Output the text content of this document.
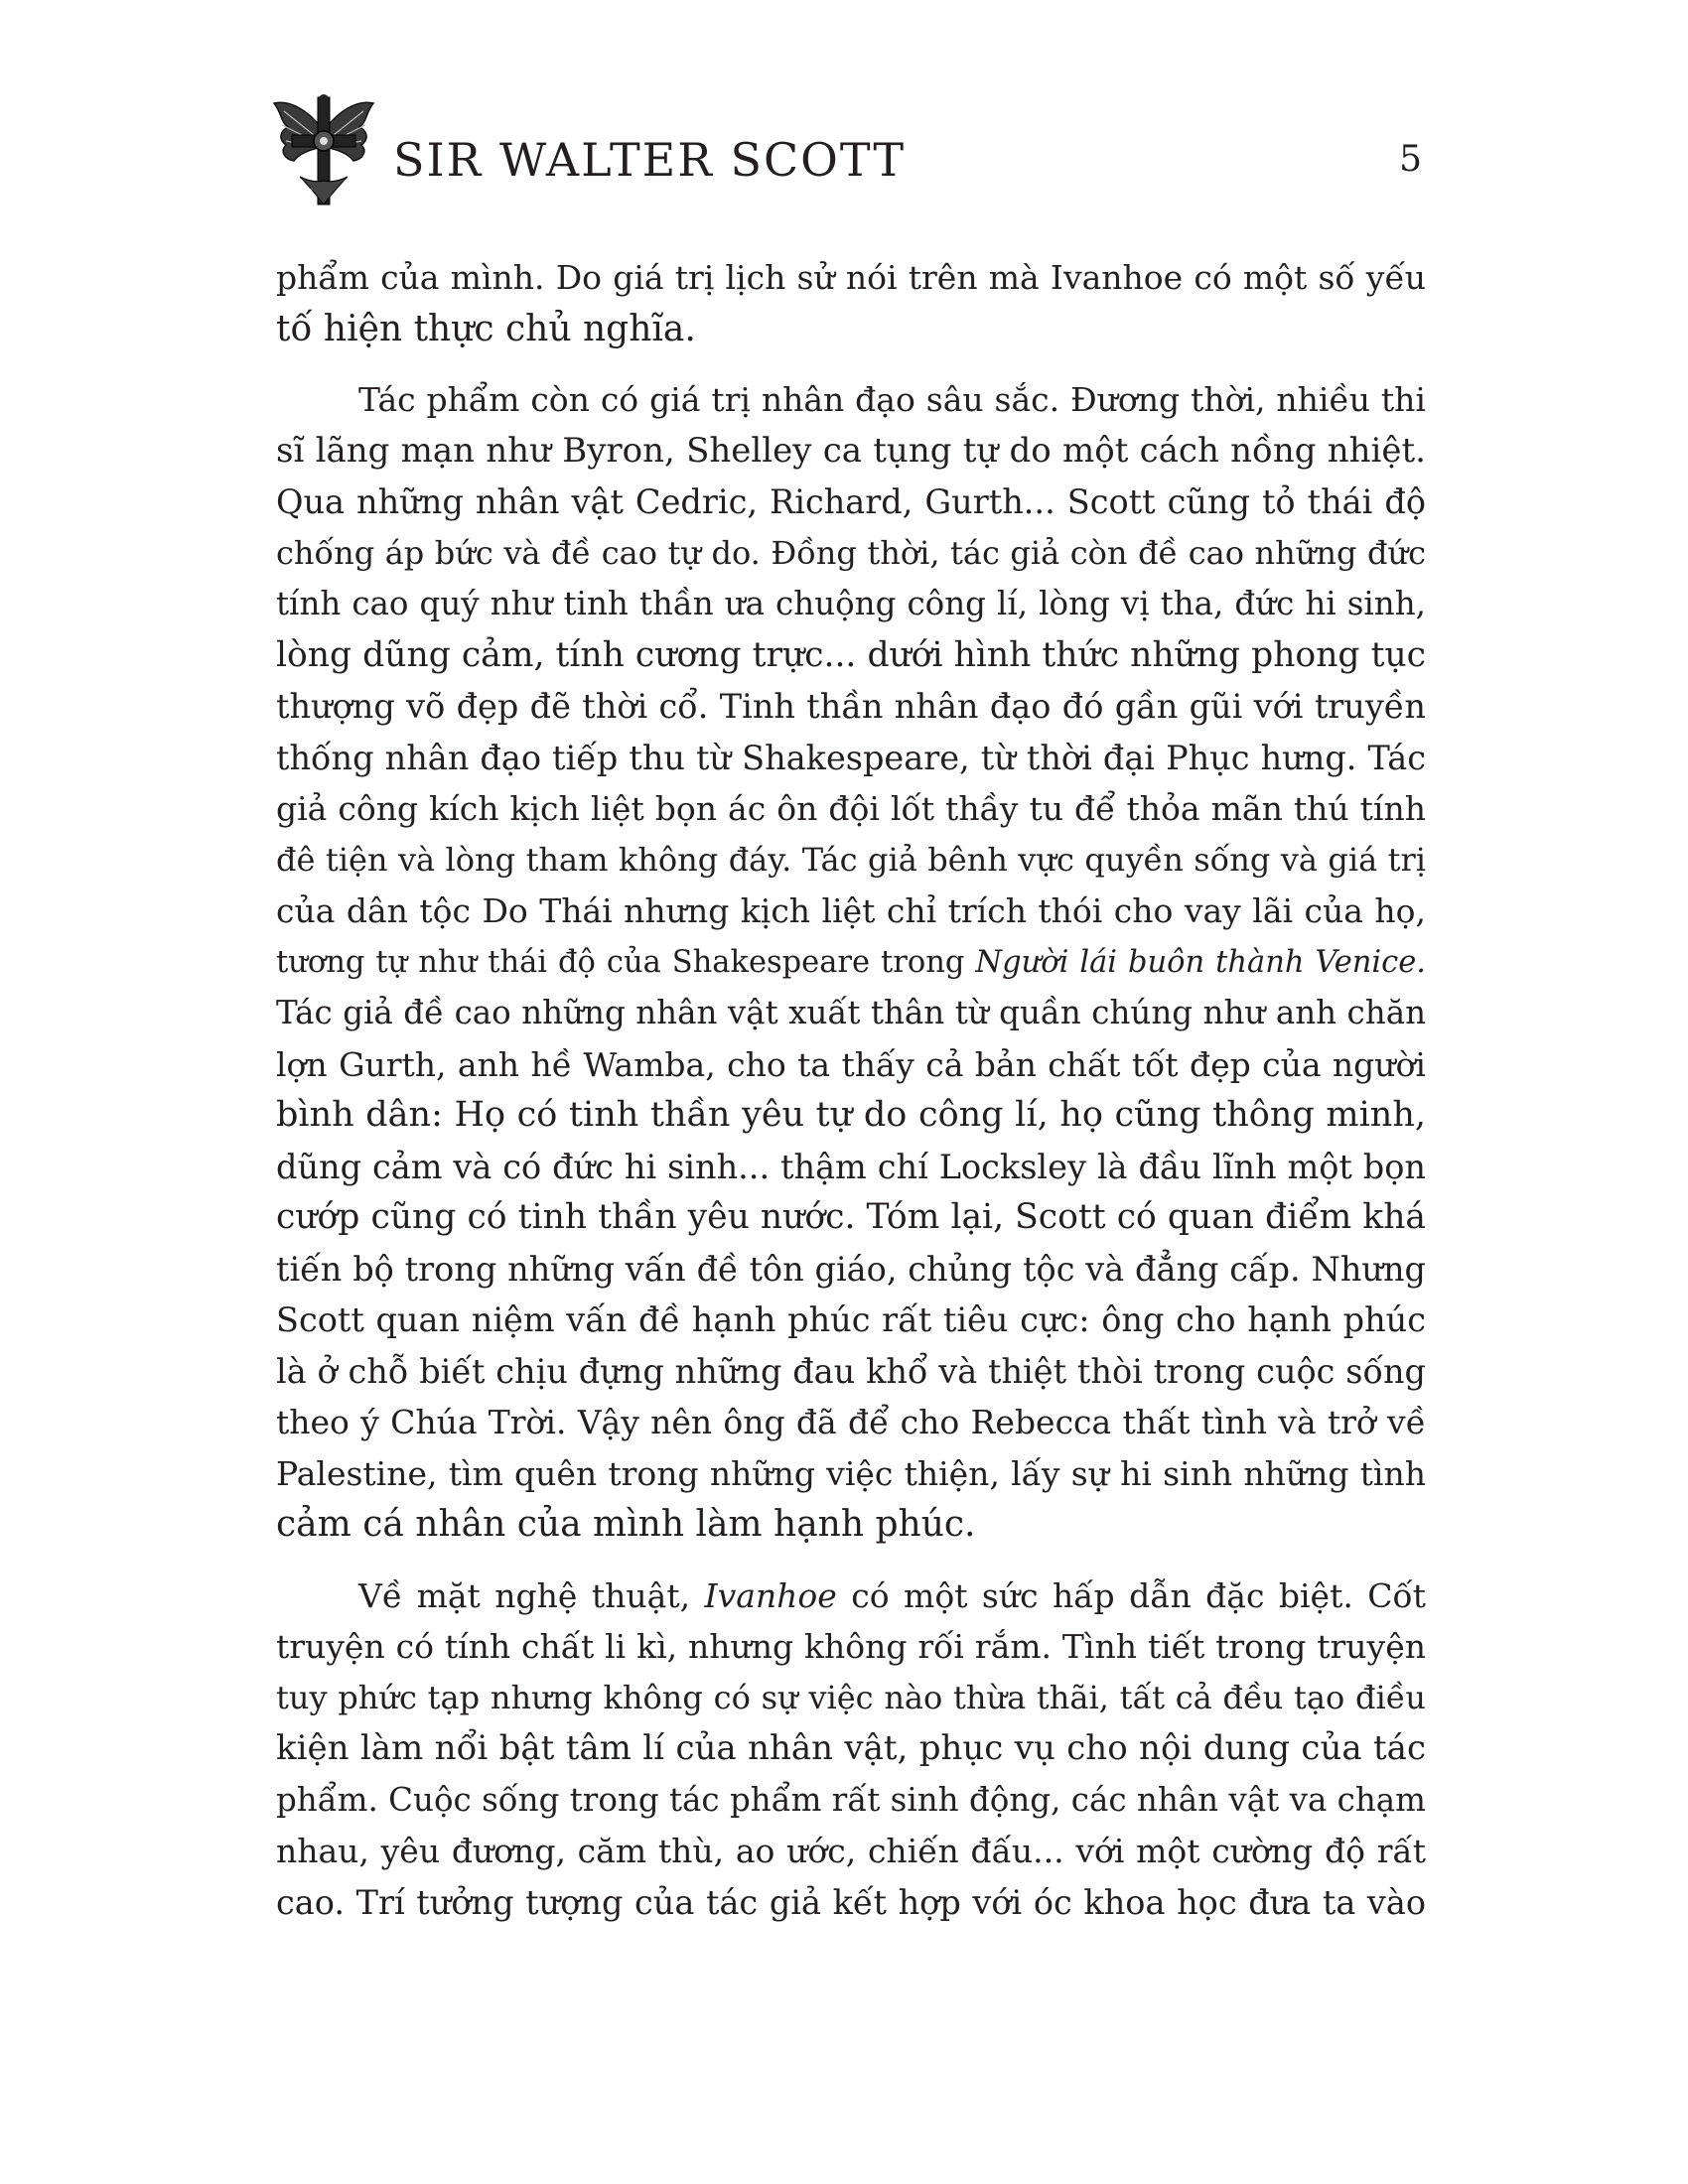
SIR WALTER SCOTT	5
phẩm của mình. Do giá trị lịch sử nói trên mà Ivanhoe có một số yếu
tố hiện thực chủ nghĩa.
Tác phẩm còn có giá trị nhân đạo sâu sắc. Đương thời, nhiều thi
sĩ lãng mạn như Byron, Shelley ca tụng tự do một cách nồng nhiệt.
Qua những nhân vật Cedric, Richard, Gurth... Scott cũng tỏ thái độ
chống áp bức và đề cao tự do. Đồng thời, tác giả còn đề cao những đức
tính cao quý như tinh thần ưa chuộng công lí, lòng vị tha, đức hi sinh,
lòng dũng cảm, tính cương trực... dưới hình thức những phong tục
thượng võ đẹp đẽ thời cổ. Tinh thần nhân đạo đó gần gũi với truyền
thống nhân đạo tiếp thu từ Shakespeare, từ thời đại Phục hưng. Tác
giả công kích kịch liệt bọn ác ôn đội lốt thầy tu để thỏa mãn thú tính
đê tiện và lòng tham không đáy. Tác giả bênh vực quyền sống và giá trị
của dân tộc Do Thái nhưng kịch liệt chỉ trích thói cho vay lãi của họ,
tương tự như thái độ của Shakespeare trong Người lái buôn thành Venice.
Tác giả đề cao những nhân vật xuất thân từ quần chúng như anh chăn
lợn Gurth, anh hề Wamba, cho ta thấy cả bản chất tốt đẹp của người
bình dân: Họ có tinh thần yêu tự do công lí, họ cũng thông minh,
dũng cảm và có đức hi sinh... thậm chí Locksley là đầu lĩnh một bọn
cướp cũng có tinh thần yêu nước. Tóm lại, Scott có quan điểm khá
tiến bộ trong những vấn đề tôn giáo, chủng tộc và đẳng cấp. Nhưng
Scott quan niệm vấn đề hạnh phúc rất tiêu cực: ông cho hạnh phúc
là ở chỗ biết chịu đựng những đau khổ và thiệt thòi trong cuộc sống
theo ý Chúa Trời. Vậy nên ông đã để cho Rebecca thất tình và trở về
Palestine, tìm quên trong những việc thiện, lấy sự hi sinh những tình
cảm cá nhân của mình làm hạnh phúc.
Về mặt nghệ thuật, Ivanhoe có một sức hấp dẫn đặc biệt. Cốt
truyện có tính chất li kì, nhưng không rối rắm. Tình tiết trong truyện
tuy phức tạp nhưng không có sự việc nào thừa thãi, tất cả đều tạo điều
kiện làm nổi bật tâm lí của nhân vật, phục vụ cho nội dung của tác
phẩm. Cuộc sống trong tác phẩm rất sinh động, các nhân vật va chạm
nhau, yêu đương, căm thù, ao ước, chiến đấu... với một cường độ rất
cao. Trí tưởng tượng của tác giả kết hợp với óc khoa học đưa ta vào
